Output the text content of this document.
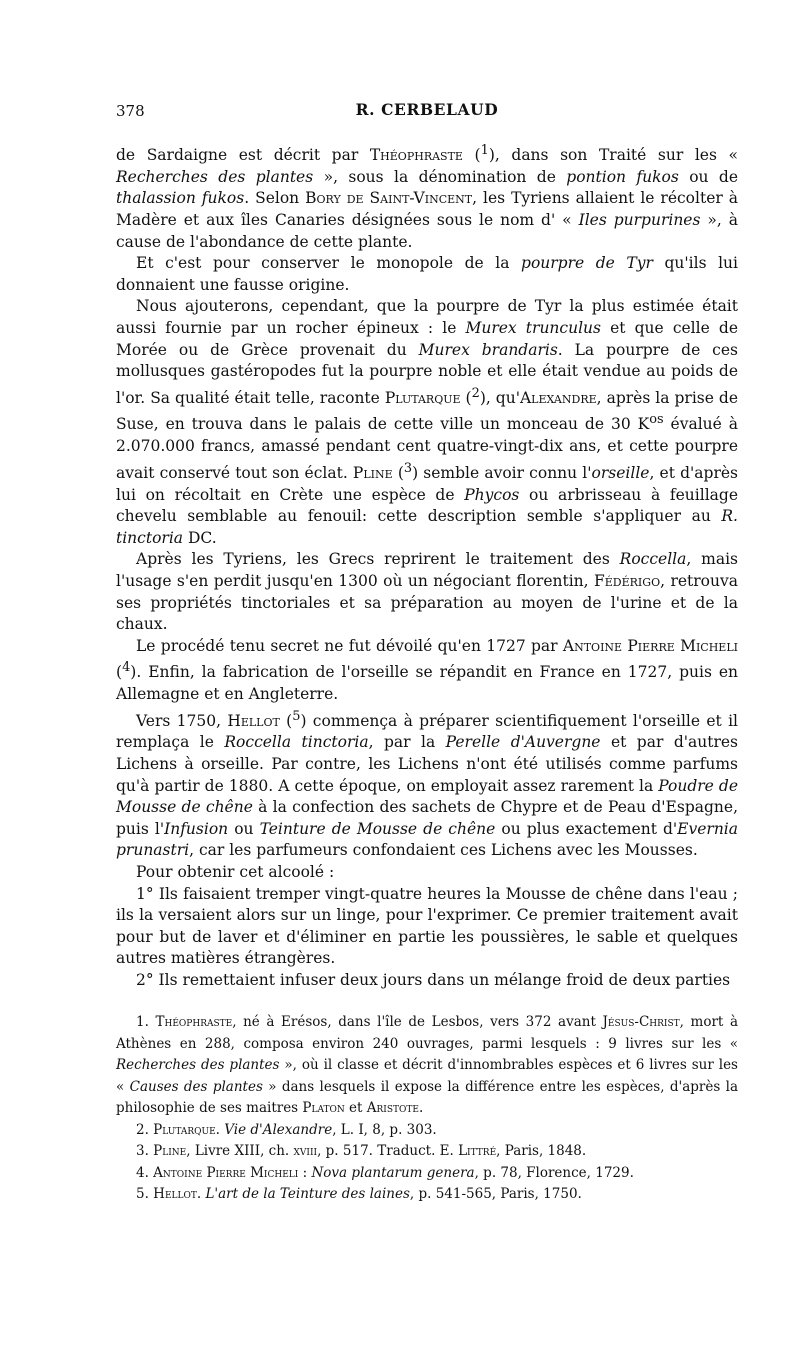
378	R. CERBELAUD

de Sardaigne est décrit par Théophraste ($^1$), dans son Traité sur les « Recherches des plantes », sous la dénomination de pontion fukos ou de thalassion fukos. Selon Bory de Saint-Vincent, les Tyriens allaient le récolter à Madère et aux îles Canaries désignées sous le nom d' « Iles purpurines », à cause de l'abondance de cette plante.

Et c'est pour conserver le monopole de la pourpre de Tyr qu'ils lui donnaient une fausse origine.

Nous ajouterons, cependant, que la pourpre de Tyr la plus estimée était aussi fournie par un rocher épineux : le Murex trunculus et que celle de Morée ou de Grèce provenait du Murex brandaris. La pourpre de ces mollusques gastéropodes fut la pourpre noble et elle était vendue au poids de l'or. Sa qualité était telle, raconte Plutarque ($^2$), qu'Alexandre, après la prise de Suse, en trouva dans le palais de cette ville un monceau de 30 $K^{os}$ évalué à 2.070.000 francs, amassé pendant cent quatre-vingt-dix ans, et cette pourpre avait conservé tout son éclat. Pline ($^3$) semble avoir connu l'orseille, et d'après lui on récoltait en Crète une espèce de Phycos ou arbrisseau à feuillage chevelu semblable au fenouil: cette description semble s'appliquer au R. tinctoria DC.

Après les Tyriens, les Grecs reprirent le traitement des Roccella, mais l'usage s'en perdit jusqu'en 1300 où un négociant florentin, Fédérigo, retrouva ses propriétés tinctoriales et sa préparation au moyen de l'urine et de la chaux.

Le procédé tenu secret ne fut dévoilé qu'en 1727 par Antoine Pierre Micheli ($^4$). Enfin, la fabrication de l'orseille se répandit en France en 1727, puis en Allemagne et en Angleterre.

Vers 1750, Hellot ($^5$) commença à préparer scientifiquement l'orseille et il remplaça le Roccella tinctoria, par la Perelle d'Auvergne et par d'autres Lichens à orseille. Par contre, les Lichens n'ont été utilisés comme parfums qu'à partir de 1880. A cette époque, on employait assez rarement la Poudre de Mousse de chêne à la confection des sachets de Chypre et de Peau d'Espagne, puis l'Infusion ou Teinture de Mousse de chêne ou plus exactement d'Evernia prunastri, car les parfumeurs confondaient ces Lichens avec les Mousses.

Pour obtenir cet alcoolé :

1° Ils faisaient tremper vingt-quatre heures la Mousse de chêne dans l'eau ; ils la versaient alors sur un linge, pour l'exprimer. Ce premier traitement avait pour but de laver et d'éliminer en partie les poussières, le sable et quelques autres matières étrangères.

2° Ils remettaient infuser deux jours dans un mélange froid de deux parties

1. Théophraste, né à Erésos, dans l'île de Lesbos, vers 372 avant Jésus-Christ, mort à Athènes en 288, composa environ 240 ouvrages, parmi lesquels : 9 livres sur les « Recherches des plantes », où il classe et décrit d'innombrables espèces et 6 livres sur les « Causes des plantes » dans lesquels il expose la différence entre les espèces, d'après la philosophie de ses maitres Platon et Aristote.

2. Plutarque. Vie d'Alexandre, L. I, 8, p. 303.

3. Pline, Livre XIII, ch. xviii, p. 517. Traduct. E. Littré, Paris, 1848.

4. Antoine Pierre Micheli : Nova plantarum genera, p. 78, Florence, 1729.

5. Hellot. L'art de la Teinture des laines, p. 541-565, Paris, 1750.
